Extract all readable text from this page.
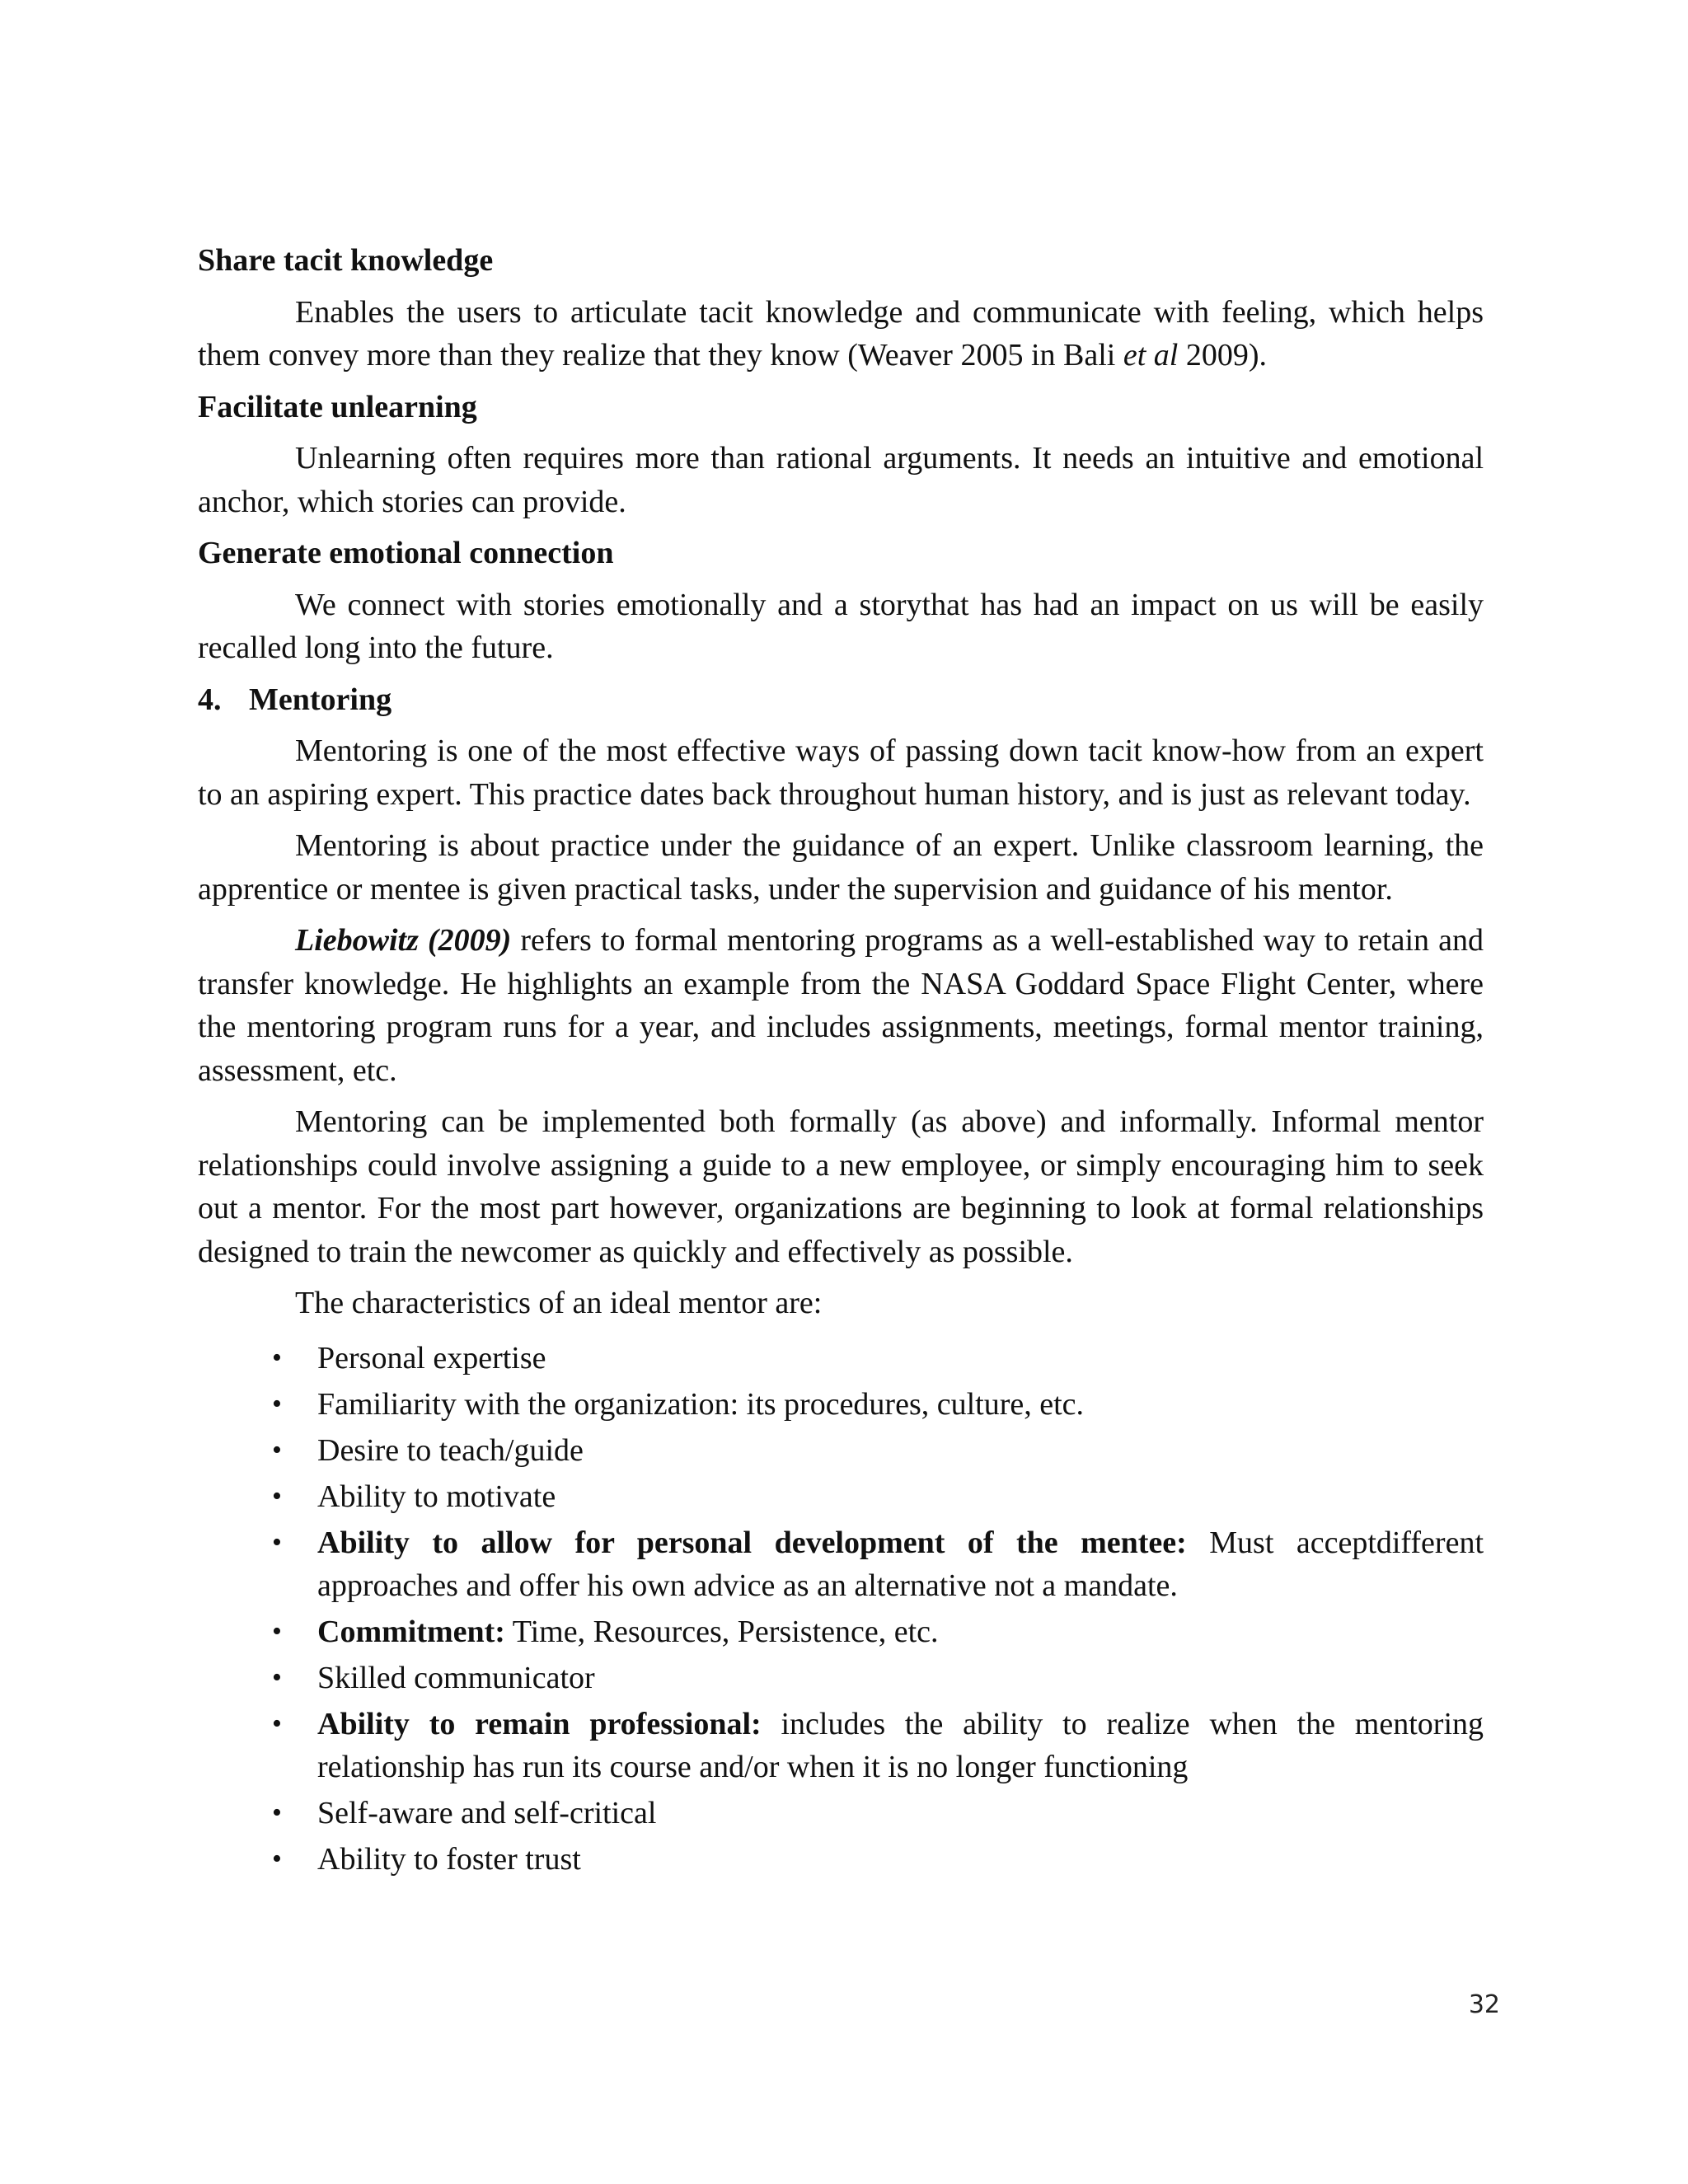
Share tacit knowledge

Enables the users to articulate tacit knowledge and communicate with feeling, which helps them convey more than they realize that they know (Weaver 2005 in Bali et al 2009).

Facilitate unlearning

Unlearning often requires more than rational arguments. It needs an intuitive and emotional anchor, which stories can provide.

Generate emotional connection

We connect with stories emotionally and a storythat has had an impact on us will be easily recalled long into the future.

4. Mentoring

Mentoring is one of the most effective ways of passing down tacit know-how from an expert to an aspiring expert. This practice dates back throughout human history, and is just as relevant today.

Mentoring is about practice under the guidance of an expert. Unlike classroom learning, the apprentice or mentee is given practical tasks, under the supervision and guidance of his mentor.

Liebowitz (2009) refers to formal mentoring programs as a well-established way to retain and transfer knowledge. He highlights an example from the NASA Goddard Space Flight Center, where the mentoring program runs for a year, and includes assignments, meetings, formal mentor training, assessment, etc.

Mentoring can be implemented both formally (as above) and informally. Informal mentor relationships could involve assigning a guide to a new employee, or simply encouraging him to seek out a mentor. For the most part however, organizations are beginning to look at formal relationships designed to train the newcomer as quickly and effectively as possible.

The characteristics of an ideal mentor are:

• Personal expertise
• Familiarity with the organization: its procedures, culture, etc.
• Desire to teach/guide
• Ability to motivate
• Ability to allow for personal development of the mentee: Must acceptdifferent approaches and offer his own advice as an alternative not a mandate.
• Commitment: Time, Resources, Persistence, etc.
• Skilled communicator
• Ability to remain professional: includes the ability to realize when the mentoring relationship has run its course and/or when it is no longer functioning
• Self-aware and self-critical
• Ability to foster trust
32
